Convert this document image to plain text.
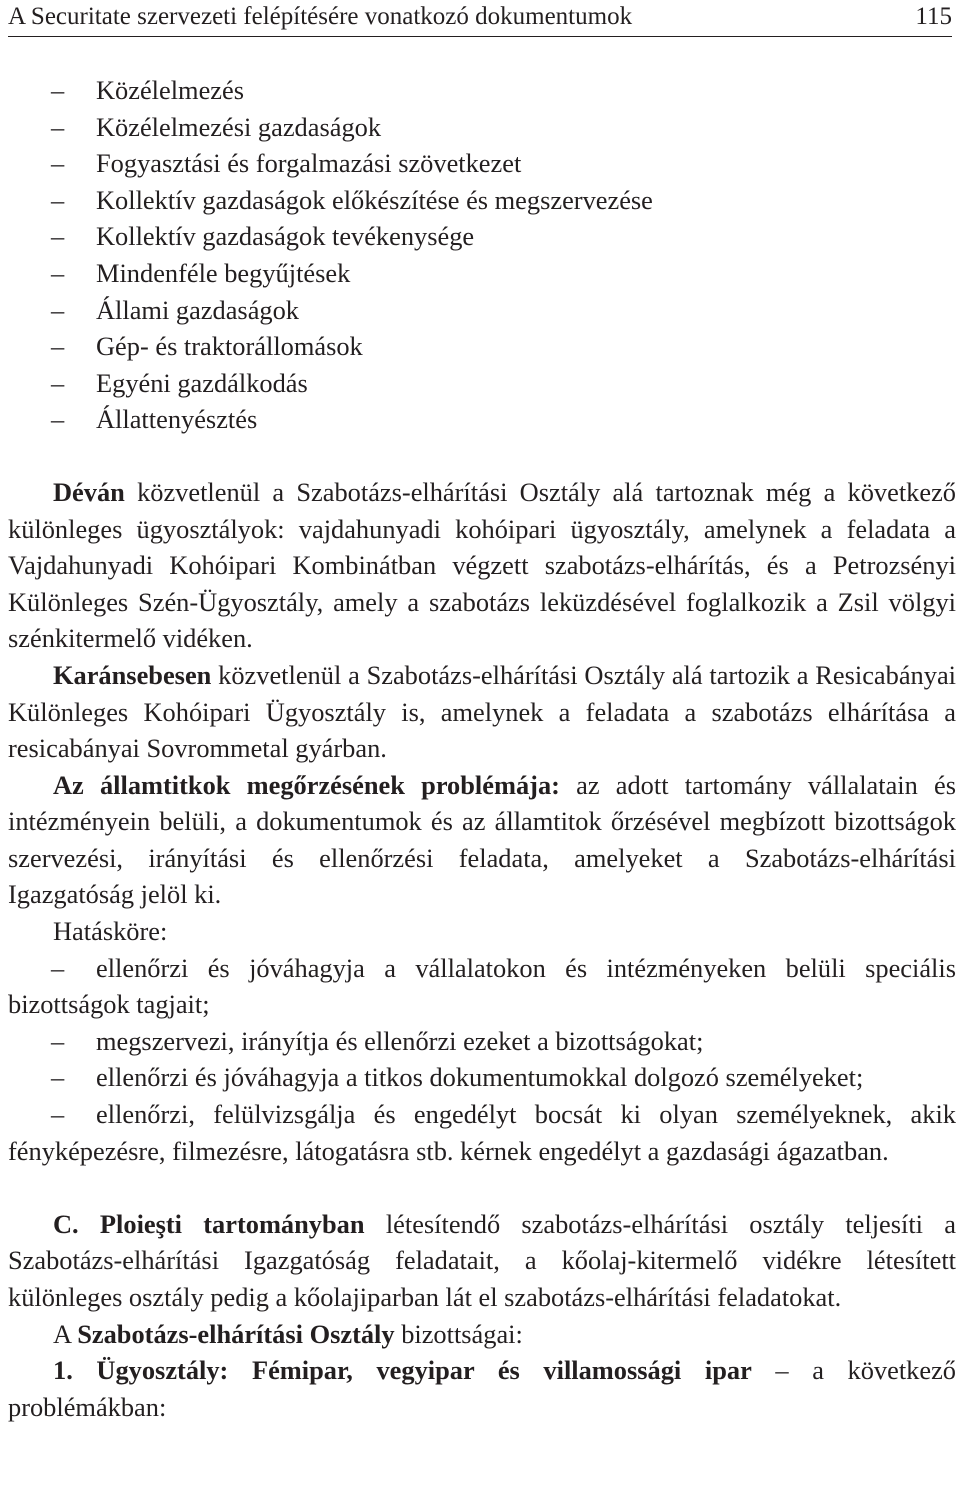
A Securitate szervezeti felépítésére vonatkozó dokumentumok	115
– Közélelmezés
– Közélelmezési gazdaságok
– Fogyasztási és forgalmazási szövetkezet
– Kollektív gazdaságok előkészítése és megszervezése
– Kollektív gazdaságok tevékenysége
– Mindenféle begyűjtések
– Állami gazdaságok
– Gép- és traktorállomások
– Egyéni gazdálkodás
– Állattenyésztés

Déván közvetlenül a Szabotázs-elhárítási Osztály alá tartoznak még a következő különleges ügyosztályok: vajdahunyadi kohóipari ügyosztály, amelynek a feladata a Vajdahunyadi Kohóipari Kombinátban végzett szabotázs-elhárítás, és a Petrozsényi Különleges Szén-Ügyosztály, amely a szabotázs leküzdésével foglalkozik a Zsil völgyi szénkitermelő vidéken.

Karánsebesen közvetlenül a Szabotázs-elhárítási Osztály alá tartozik a Resicabányai Különleges Kohóipari Ügyosztály is, amelynek a feladata a szabotázs elhárítása a resicabányai Sovrommetal gyárban.

Az államtitkok megőrzésének problémája: az adott tartomány vállalatain és intézményein belüli, a dokumentumok és az államtitok őrzésével megbízott bizottságok szervezési, irányítási és ellenőrzési feladata, amelyeket a Szabotázs-elhárítási Igazgatóság jelöl ki.

Hatásköre:

– ellenőrzi és jóváhagyja a vállalatokon és intézményeken belüli speciális bizottságok tagjait;

– megszervezi, irányítja és ellenőrzi ezeket a bizottságokat;

– ellenőrzi és jóváhagyja a titkos dokumentumokkal dolgozó személyeket;

– ellenőrzi, felülvizsgálja és engedélyt bocsát ki olyan személyeknek, akik fényképezésre, filmezésre, látogatásra stb. kérnek engedélyt a gazdasági ágazatban.

C. Ploieşti tartományban létesítendő szabotázs-elhárítási osztály teljesíti a Szabotázs-elhárítási Igazgatóság feladatait, a kőolaj-kitermelő vidékre létesített különleges osztály pedig a kőolajiparban lát el szabotázs-elhárítási feladatokat.

A Szabotázs-elhárítási Osztály bizottságai:

1. Ügyosztály: Fémipar, vegyipar és villamossági ipar – a következő problémákban:
